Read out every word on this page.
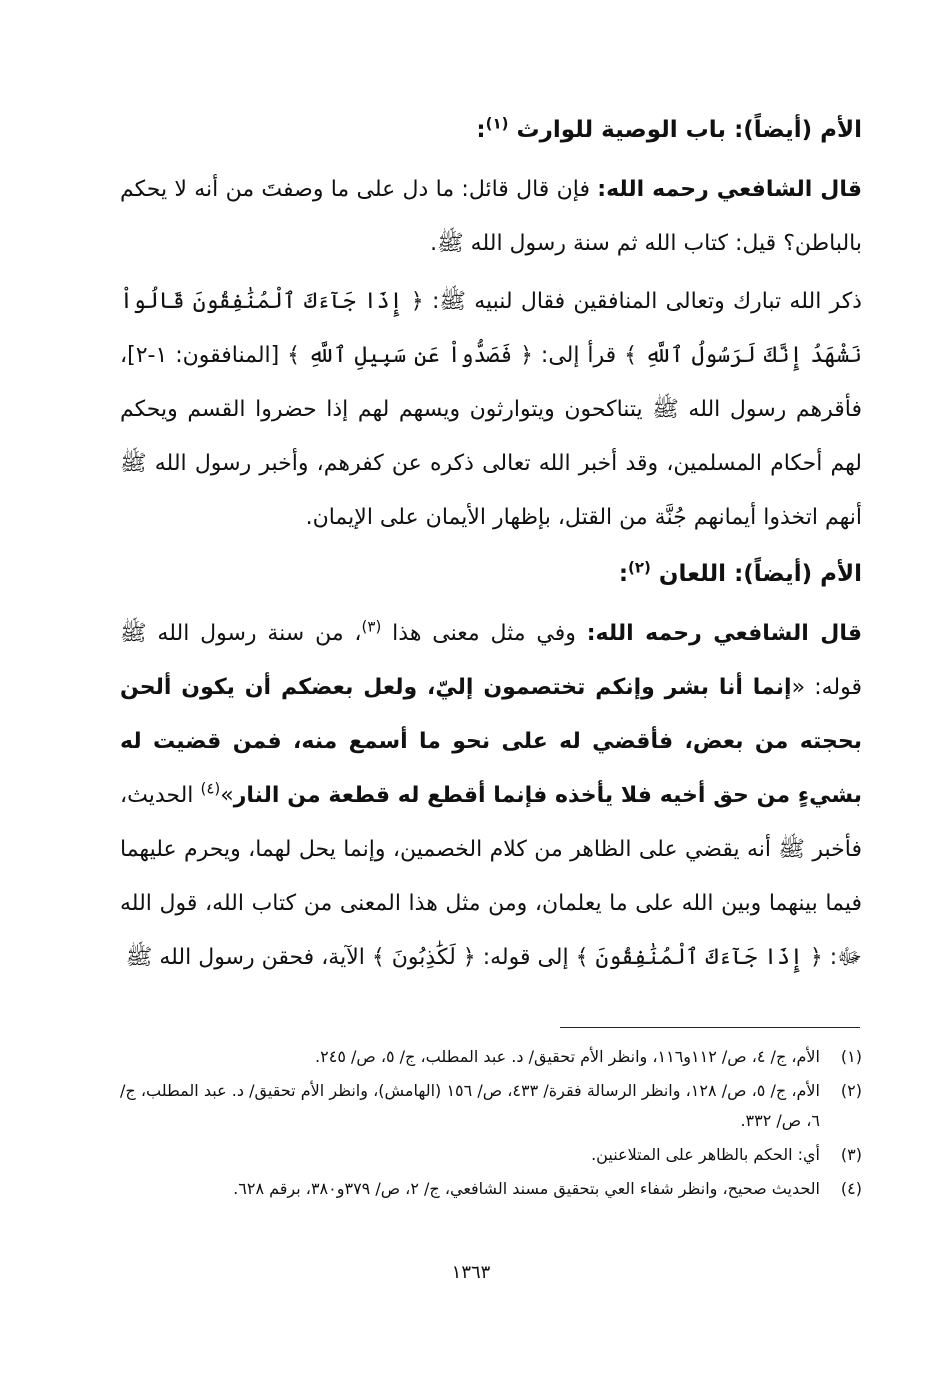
الأم (أيضاً): باب الوصية للوارث $^{(١)}$:

قال الشافعي رحمه الله: فإن قال قائل: ما دل على ما وصفتَ من أنه لا يحكم بالباطن؟ قيل: كتاب الله ثم سنة رسول الله ﷺ.

ذكر الله تبارك وتعالى المنافقين فقال لنبيه ﷺ: ﴿ إِذَا جَآءَكَ ٱلْمُنَٰفِقُونَ قَالُواْ نَشْهَدُ إِنَّكَ لَرَسُولُ ٱللَّهِ ﴾ قرأ إلى: ﴿ فَصَدُّواْ عَن سَبِيلِ ٱللَّهِ ﴾ [المنافقون: ١-٢]، فأقرهم رسول الله ﷺ يتناكحون ويتوارثون ويسهم لهم إذا حضروا القسم ويحكم لهم أحكام المسلمين، وقد أخبر الله تعالى ذكره عن كفرهم، وأخبر رسول الله ﷺ أنهم اتخذوا أيمانهم جُنَّة من القتل، بإظهار الأيمان على الإيمان.

الأم (أيضاً): اللعان $^{(٢)}$:

قال الشافعي رحمه الله: وفي مثل معنى هذا $^{(٣)}$، من سنة رسول الله ﷺ قوله: «إنما أنا بشر وإنكم تختصمون إليّ، ولعل بعضكم أن يكون ألحن بحجته من بعض، فأقضي له على نحو ما أسمع منه، فمن قضيت له بشيءٍ من حق أخيه فلا يأخذه فإنما أقطع له قطعة من النار»$^{(٤)}$ الحديث، فأخبر ﷺ أنه يقضي على الظاهر من كلام الخصمين، وإنما يحل لهما، ويحرم عليهما فيما بينهما وبين الله على ما يعلمان، ومن مثل هذا المعنى من كتاب الله، قول الله ﷻ: ﴿ إِذَا جَآءَكَ ٱلْمُنَٰفِقُونَ ﴾ إلى قوله: ﴿ لَكَٰذِبُونَ ﴾ الآية، فحقن رسول الله ﷺ

(١)
الأم، ج/ ٤، ص/ ١١٢و١١٦، وانظر الأم تحقيق/ د. عبد المطلب، ج/ ٥، ص/ ٢٤٥.
(٢)
الأم، ج/ ٥، ص/ ١٢٨، وانظر الرسالة فقرة/ ٤٣٣، ص/ ١٥٦ (الهامش)، وانظر الأم تحقيق/ د. عبد المطلب، ج/ ٦، ص/ ٣٣٢.
(٣)
أي: الحكم بالظاهر على المتلاعنين.
(٤)
الحديث صحيح، وانظر شفاء العي بتحقيق مسند الشافعي، ج/ ٢، ص/ ٣٧٩و٣٨٠، برقم ٦٢٨.
١٣٦٣
